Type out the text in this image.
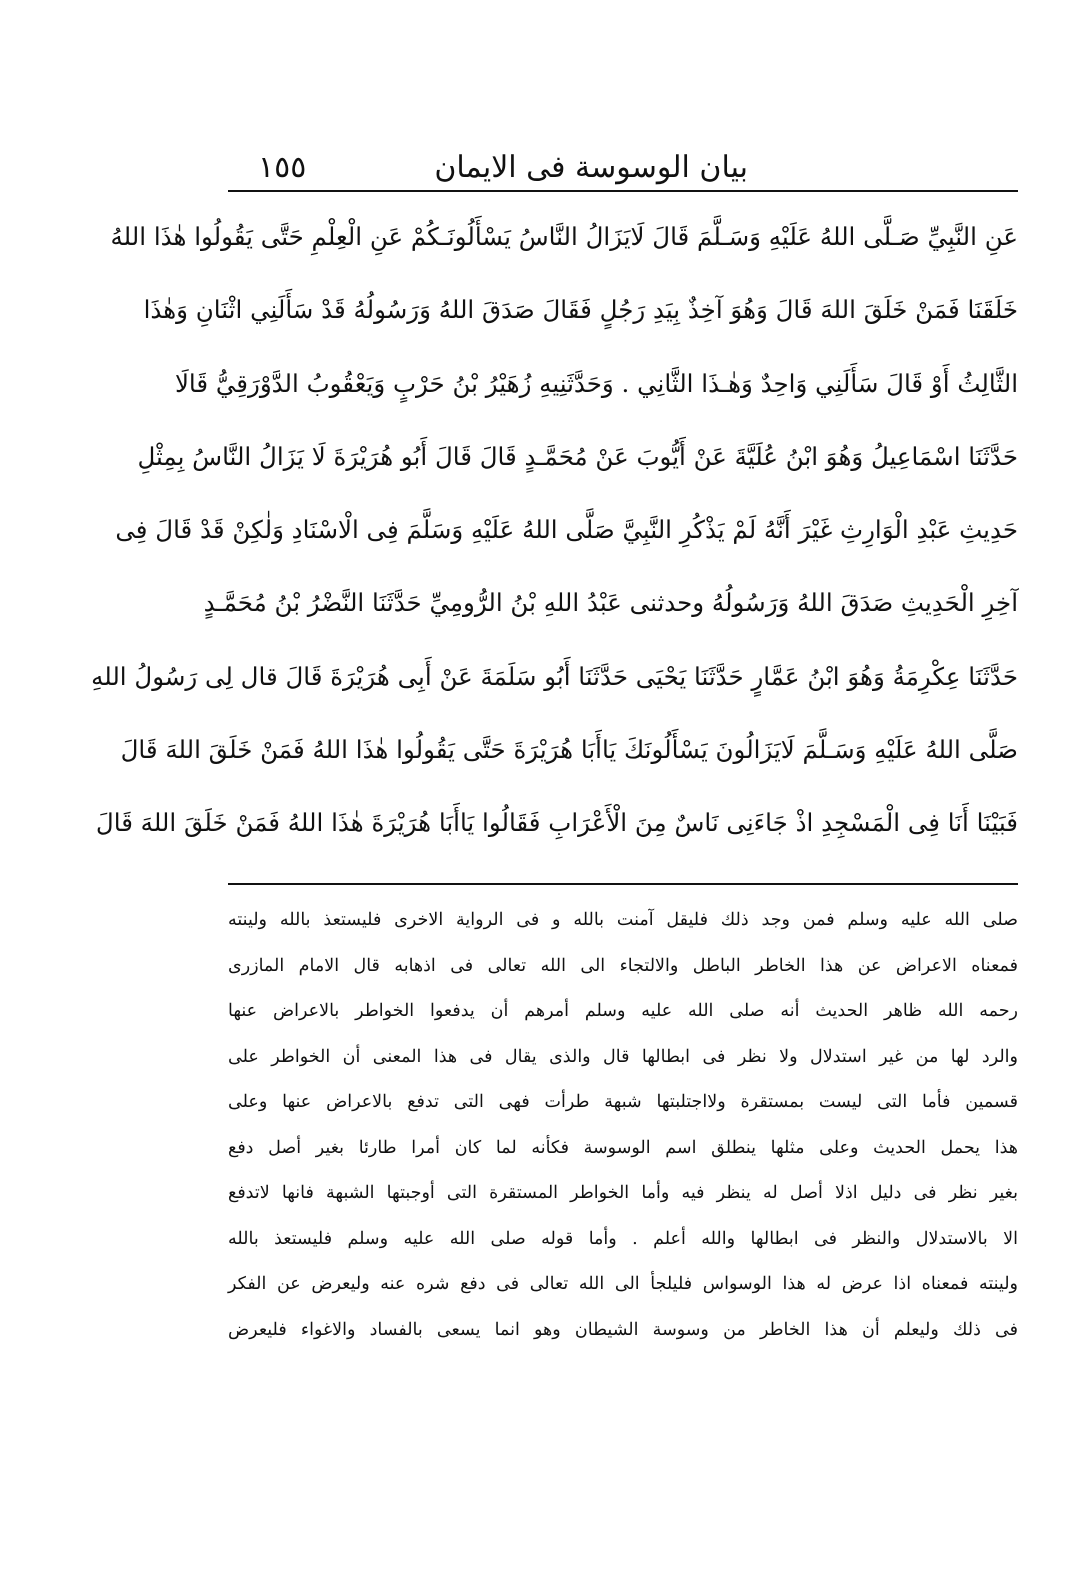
بيان الوسوسة فى الايمان
١٥٥
عَنِ النَّبِيِّ صَـلَّى اللهُ عَلَيْهِ وَسَـلَّمَ قَالَ لَايَزَالُ النَّاسُ يَسْأَلُونَـكُمْ عَنِ الْعِلْمِ حَتَّى يَقُولُوا هٰذَا اللهُ
خَلَقَنَا فَمَنْ خَلَقَ اللهَ قَالَ وَهُوَ آخِذٌ بِيَدِ رَجُلٍ فَقَالَ صَدَقَ اللهُ وَرَسُولُهُ قَدْ سَأَلَنِي اثْنَانِ وَهٰذَا
الثَّالِثُ أَوْ قَالَ سَأَلَنِي وَاحِدٌ وَهٰـذَا الثَّانِي . وَحَدَّثَنِيهِ زُهَيْرُ بْنُ حَرْبٍ وَيَعْقُوبُ الدَّوْرَقِيُّ قَالَا
حَدَّثَنَا اسْمَاعِيلُ وَهُوَ ابْنُ عُلَيَّةَ عَنْ أَيُّوبَ عَنْ مُحَمَّـدٍ قَالَ قَالَ أَبُو هُرَيْرَةَ لَا يَزَالُ النَّاسُ بِمِثْلِ
حَدِيثِ عَبْدِ الْوَارِثِ غَيْرَ أَنَّهُ لَمْ يَذْكُرِ النَّبِيَّ صَلَّى اللهُ عَلَيْهِ وَسَلَّمَ فِى الْاسْنَادِ وَلٰكِنْ قَدْ قَالَ فِى
آخِرِ الْحَدِيثِ صَدَقَ اللهُ وَرَسُولُهُ وحدثنى عَبْدُ اللهِ بْنُ الرُّومِيِّ حَدَّثَنَا النَّضْرُ بْنُ مُحَمَّـدٍ
حَدَّثَنَا عِكْرِمَةُ وَهُوَ ابْنُ عَمَّارٍ حَدَّثَنَا يَحْيَى حَدَّثَنَا أَبُو سَلَمَةَ عَنْ أَبِى هُرَيْرَةَ قَالَ قال لِى رَسُولُ اللهِ
صَلَّى اللهُ عَلَيْهِ وَسَـلَّمَ لَايَزَالُونَ يَسْأَلُونَكَ يَاأَبَا هُرَيْرَةَ حَتَّى يَقُولُوا هٰذَا اللهُ فَمَنْ خَلَقَ اللهَ قَالَ
فَبَيْنَا أَنَا فِى الْمَسْجِدِ اذْ جَاءَنِى نَاسٌ مِنَ الْأَعْرَابِ فَقَالُوا يَاأَبَا هُرَيْرَةَ هٰذَا اللهُ فَمَنْ خَلَقَ اللهَ قَالَ
صلى الله عليه وسلم فمن وجد ذلك فليقل آمنت بالله و فى الرواية الاخرى فليستعذ بالله ولينته
فمعناه الاعراض عن هذا الخاطر الباطل والالتجاء الى الله تعالى فى اذهابه قال الامام المازرى
رحمه الله ظاهر الحديث أنه صلى الله عليه وسلم أمرهم أن يدفعوا الخواطر بالاعراض عنها
والرد لها من غير استدلال ولا نظر فى ابطالها قال والذى يقال فى هذا المعنى أن الخواطر على
قسمين فأما التى ليست بمستقرة ولااجتلبتها شبهة طرأت فهى التى تدفع بالاعراض عنها وعلى
هذا يحمل الحديث وعلى مثلها ينطلق اسم الوسوسة فكأنه لما كان أمرا طارئا بغير أصل دفع
بغير نظر فى دليل اذلا أصل له ينظر فيه وأما الخواطر المستقرة التى أوجبتها الشبهة فانها لاتدفع
الا بالاستدلال والنظر فى ابطالها والله أعلم . وأما قوله صلى الله عليه وسلم فليستعذ بالله
ولينته فمعناه اذا عرض له هذا الوسواس فليلجأ الى الله تعالى فى دفع شره عنه وليعرض عن الفكر
فى ذلك وليعلم أن هذا الخاطر من وسوسة الشيطان وهو انما يسعى بالفساد والاغواء فليعرض
